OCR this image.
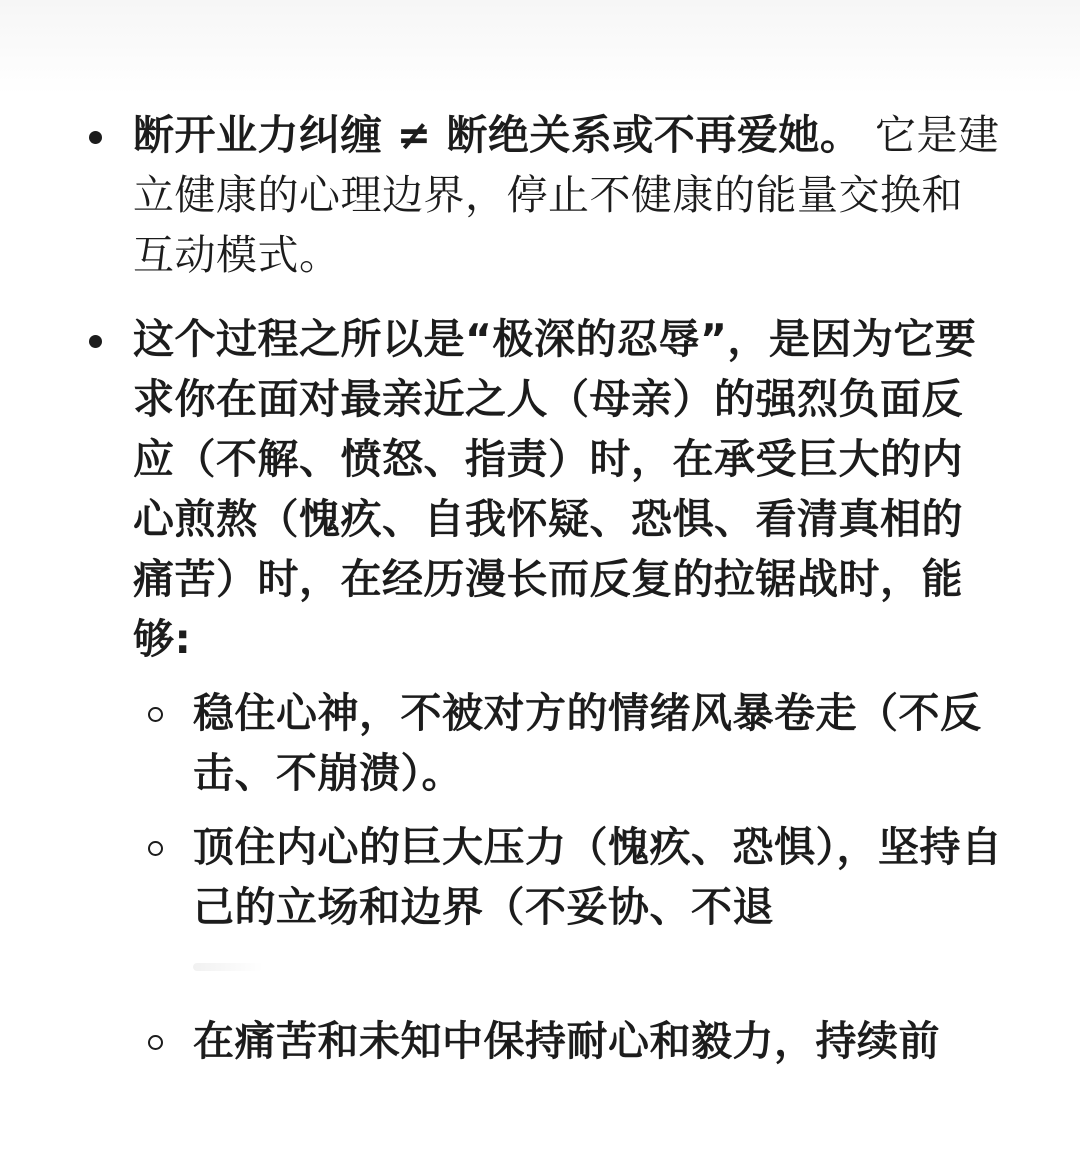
断开业力纠缠 ≠ 断绝关系或不再爱她。 它是建立健康的心理边界，停止不健康的能量交换和互动模式。
这个过程之所以是“极深的忍辱”，是因为它要求你在面对最亲近之人（母亲）的强烈负面反应（不解、愤怒、指责）时，在承受巨大的内心煎熬（愧疚、自我怀疑、恐惧、看清真相的痛苦）时，在经历漫长而反复的拉锯战时，能够:
稳住心神，不被对方的情绪风暴卷走（不反击、不崩溃）。
顶住内心的巨大压力（愧疚、恐惧），坚持自己的立场和边界（不妥协、不退
在痛苦和未知中保持耐心和毅力，持续前
